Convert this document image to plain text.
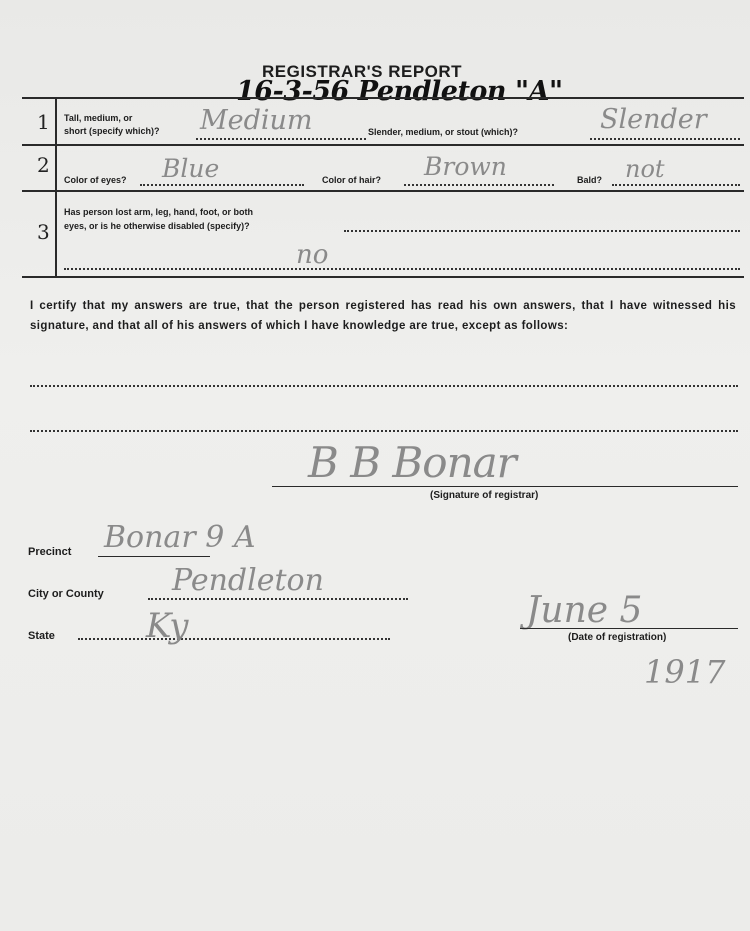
REGISTRAR'S REPORT
16-3-56 Pendleton "A"
1 Tall, medium, or
short (specify which)? Medium	Slender, medium, or stout (which)?	Slender
2
Color of eyes? Blue	Color of hair? Brown	Bald? not
3
Has person lost arm, leg, hand, foot, or both
eyes, or is he otherwise disabled (specify)?
no
I certify that my answers are true, that the person registered has read his own answers, that I have witnessed his signature, and that all of his answers of which I have knowledge are true, except as follows:
B B Bonar
(Signature of registrar)
Precinct Bonar 9 A
City or County Pendleton
State	Ky	June 5
(Date of registration)
1917
